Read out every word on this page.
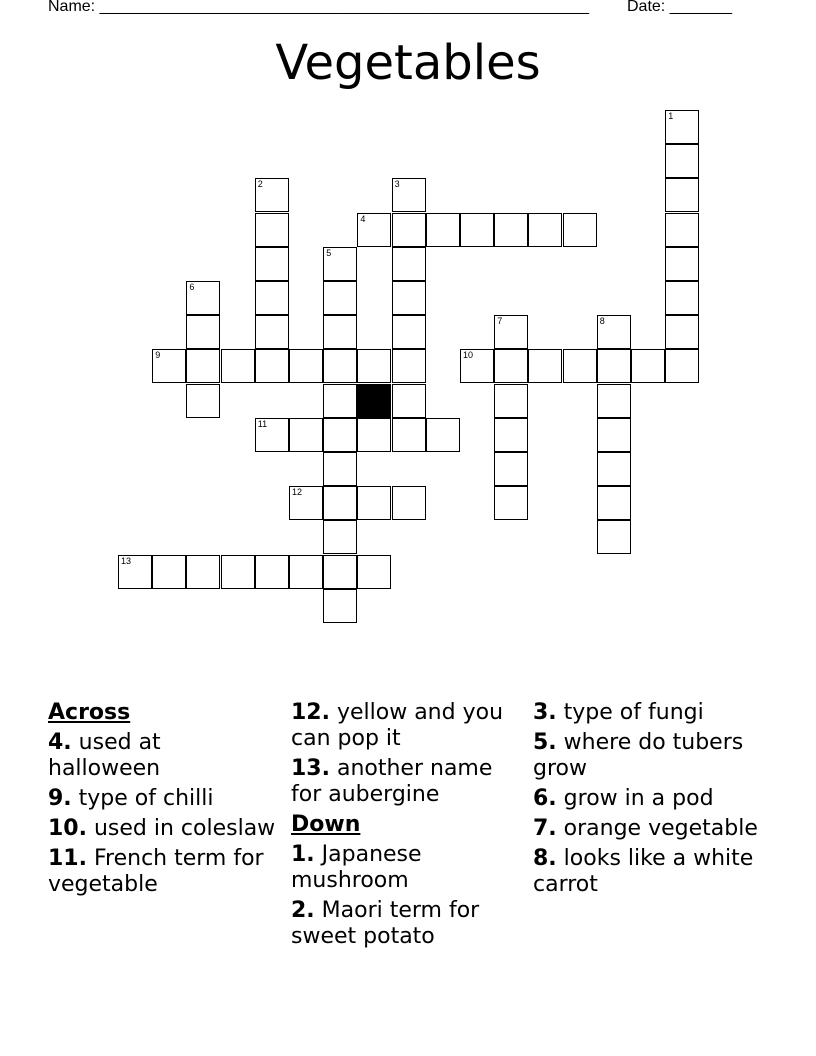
Name: _______________________________________________________ Date: _______
Vegetables
1
2	3
4
5
6
7	8
9	10
11
12
13
Across
4. used at halloween
9. type of chilli
10. used in coleslaw
11. French term for vegetable
12. yellow and you can pop it
13. another name for aubergine
Down
1. Japanese mushroom
2. Maori term for sweet potato
3. type of fungi
5. where do tubers grow
6. grow in a pod
7. orange vegetable
8. looks like a white carrot
